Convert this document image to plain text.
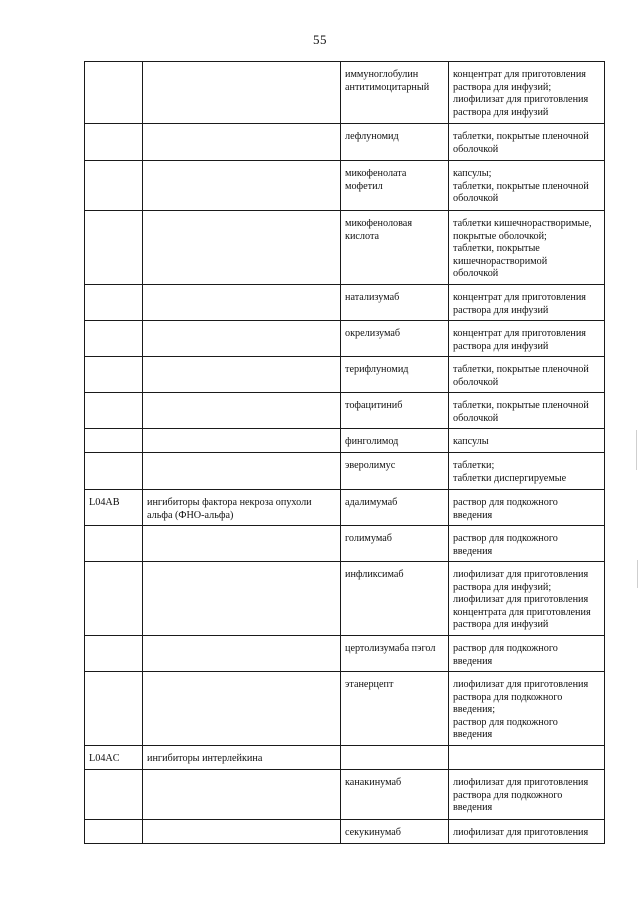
55
		иммуноглобулин
антитимоцитарный	концентрат для приготовления
раствора для инфузий;
лиофилизат для приготовления
раствора для инфузий
		лефлуномид	таблетки, покрытые пленочной
оболочкой
		микофенолата
мофетил	капсулы;
таблетки, покрытые пленочной
оболочкой
		микофеноловая
кислота	таблетки кишечнорастворимые,
покрытые оболочкой;
таблетки, покрытые
кишечнорастворимой
оболочкой
		натализумаб	концентрат для приготовления
раствора для инфузий
		окрелизумаб	концентрат для приготовления
раствора для инфузий
		терифлуномид	таблетки, покрытые пленочной
оболочкой
		тофацитиниб	таблетки, покрытые пленочной
оболочкой
		финголимод	капсулы
		эверолимус	таблетки;
таблетки диспергируемые
L04AB	ингибиторы фактора некроза опухоли
альфа (ФНО-альфа)	адалимумаб	раствор для подкожного
введения
		голимумаб	раствор для подкожного
введения
		инфликсимаб	лиофилизат для приготовления
раствора для инфузий;
лиофилизат для приготовления
концентрата для приготовления
раствора для инфузий
		цертолизумаба пэгол	раствор для подкожного
введения
		этанерцепт	лиофилизат для приготовления
раствора для подкожного
введения;
раствор для подкожного
введения
L04AC	ингибиторы интерлейкина		
		канакинумаб	лиофилизат для приготовления
раствора для подкожного
введения
		секукинумаб	лиофилизат для приготовления
